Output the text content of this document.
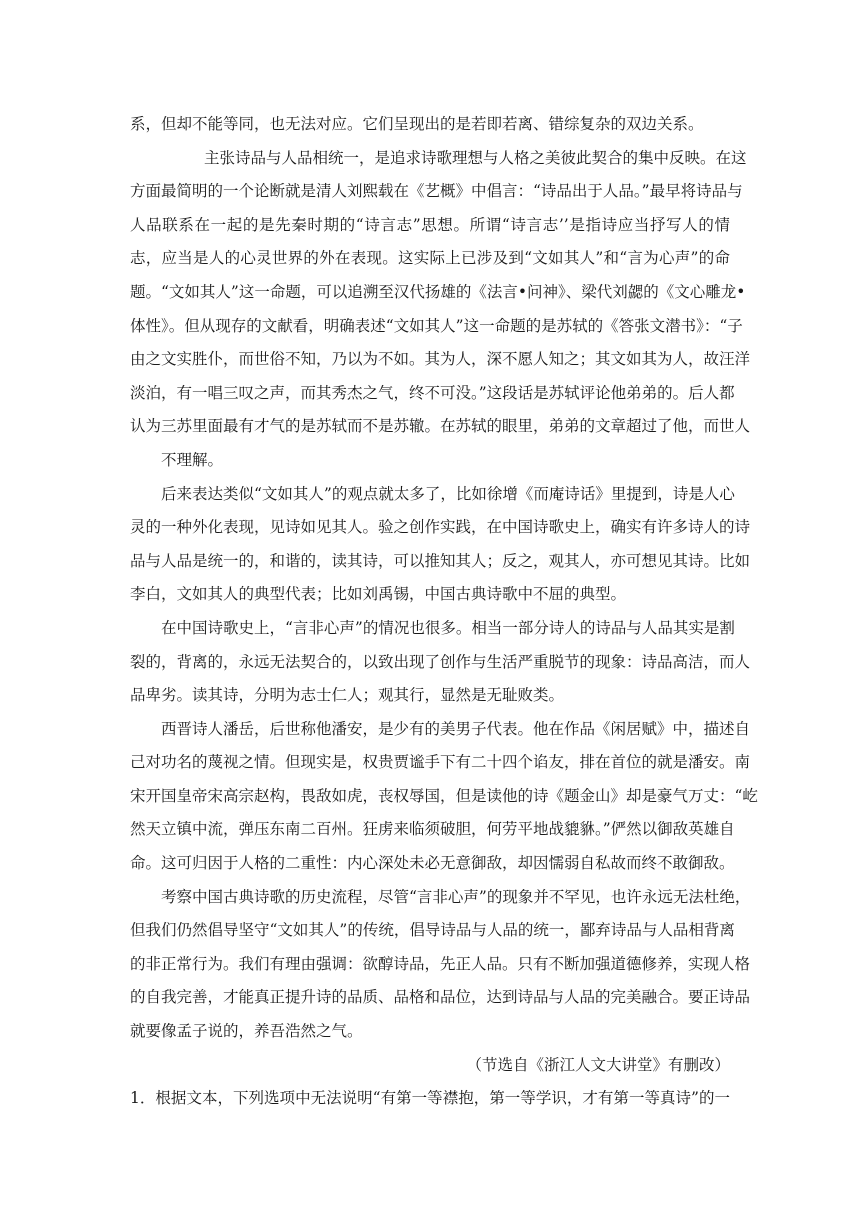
系，但却不能等同，也无法对应。它们呈现出的是若即若离、错综复杂的双边关系。
主张诗品与人品相统一，是追求诗歌理想与人格之美彼此契合的集中反映。在这
方面最简明的一个论断就是清人刘熙载在《艺概》中倡言：“诗品出于人品。”最早将诗品与
人品联系在一起的是先秦时期的“诗言志”思想。所谓“诗言志’’是指诗应当抒写人的情
志，应当是人的心灵世界的外在表现。这实际上已涉及到“文如其人”和“言为心声”的命
题。“文如其人”这一命题，可以追溯至汉代扬雄的《法言•问神》、梁代刘勰的《文心雕龙•
体性》。但从现存的文献看，明确表述“文如其人”这一命题的是苏轼的《答张文潜书》：“子
由之文实胜仆，而世俗不知，乃以为不如。其为人，深不愿人知之；其文如其为人，故汪洋
淡泊，有一唱三叹之声，而其秀杰之气，终不可没。”这段话是苏轼评论他弟弟的。后人都
认为三苏里面最有才气的是苏轼而不是苏辙。在苏轼的眼里，弟弟的文章超过了他，而世人
不理解。
后来表达类似“文如其人”的观点就太多了，比如徐增《而庵诗话》里提到，诗是人心
灵的一种外化表现，见诗如见其人。验之创作实践，在中国诗歌史上，确实有许多诗人的诗
品与人品是统一的，和谐的，读其诗，可以推知其人；反之，观其人，亦可想见其诗。比如
李白，文如其人的典型代表；比如刘禹锡，中国古典诗歌中不屈的典型。
在中国诗歌史上，“言非心声”的情况也很多。相当一部分诗人的诗品与人品其实是割
裂的，背离的，永远无法契合的，以致出现了创作与生活严重脱节的现象：诗品高洁，而人
品卑劣。读其诗，分明为志士仁人；观其行，显然是无耻败类。
西晋诗人潘岳，后世称他潘安，是少有的美男子代表。他在作品《闲居赋》中，描述自
己对功名的蔑视之情。但现实是，权贵贾谧手下有二十四个谄友，排在首位的就是潘安。南
宋开国皇帝宋高宗赵构，畏敌如虎，丧权辱国，但是读他的诗《题金山》却是豪气万丈：“屹
然天立镇中流，弹压东南二百州。狂虏来临须破胆，何劳平地战貔貅。”俨然以御敌英雄自
命。这可归因于人格的二重性：内心深处未必无意御敌，却因懦弱自私故而终不敢御敌。
考察中国古典诗歌的历史流程，尽管“言非心声”的现象并不罕见，也许永远无法杜绝，
但我们仍然倡导坚守“文如其人”的传统，倡导诗品与人品的统一，鄙弃诗品与人品相背离
的非正常行为。我们有理由强调：欲醇诗品，先正人品。只有不断加强道德修养，实现人格
的自我完善，才能真正提升诗的品质、品格和品位，达到诗品与人品的完美融合。要正诗品
就要像孟子说的，养吾浩然之气。
（节选自《浙江人文大讲堂》有删改）
1．根据文本，下列选项中无法说明“有第一等襟抱，第一等学识，才有第一等真诗”的一
